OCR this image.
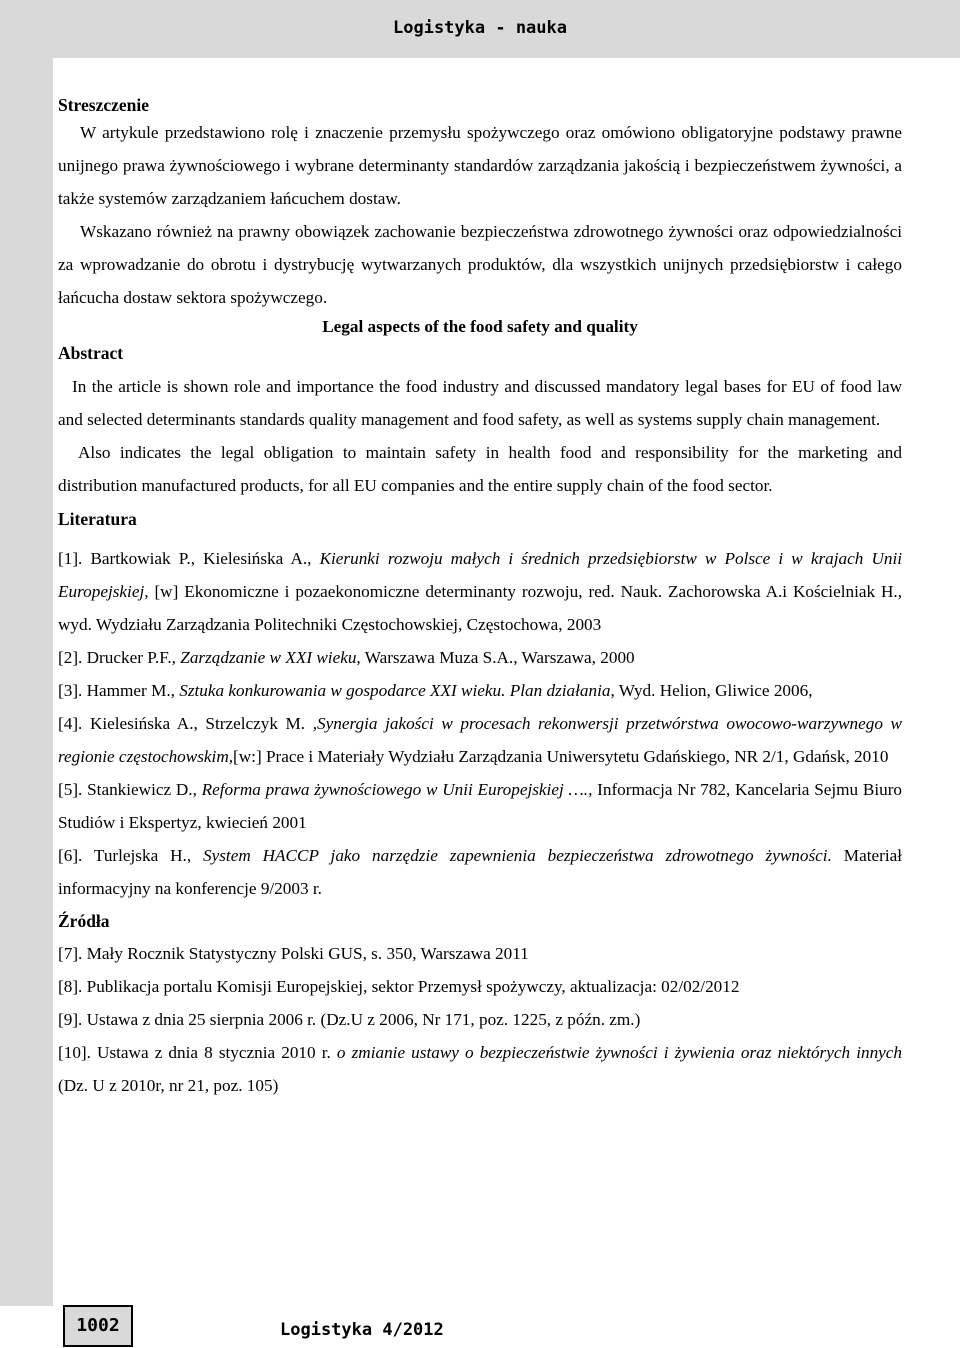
Logistyka - nauka

Streszczenie

W artykule przedstawiono rolę i znaczenie przemysłu spożywczego oraz omówiono obligatoryjne podstawy prawne unijnego prawa żywnościowego i wybrane determinanty standardów zarządzania jakością i bezpieczeństwem żywności, a także systemów zarządzaniem łańcuchem dostaw.

Wskazano również na prawny obowiązek zachowanie bezpieczeństwa zdrowotnego żywności oraz odpowiedzialności za wprowadzanie do obrotu i dystrybucję wytwarzanych produktów, dla wszystkich unijnych przedsiębiorstw i całego łańcucha dostaw sektora spożywczego.

Legal aspects of the food safety and quality

Abstract

In the article is shown role and importance the food industry and discussed mandatory legal bases for EU of food law and selected determinants standards quality management and food safety, as well as systems supply chain management.

Also indicates the legal obligation to maintain safety in health food and responsibility for the marketing and distribution manufactured products, for all EU companies and the entire supply chain of the food sector.

Literatura

[1]. Bartkowiak P., Kielesińska A., Kierunki rozwoju małych i średnich przedsiębiorstw w Polsce i w krajach Unii Europejskiej, [w] Ekonomiczne i pozaekonomiczne determinanty rozwoju, red. Nauk. Zachorowska A.i Kościelniak H., wyd. Wydziału Zarządzania Politechniki Częstochowskiej, Częstochowa, 2003
[2]. Drucker P.F., Zarządzanie w XXI wieku, Warszawa Muza S.A., Warszawa, 2000
[3]. Hammer M., Sztuka konkurowania w gospodarce XXI wieku. Plan działania, Wyd. Helion, Gliwice 2006,
[4]. Kielesińska A., Strzelczyk M. ,Synergia jakości w procesach rekonwersji przetwórstwa owocowo-warzywnego w regionie częstochowskim,[w:] Prace i Materiały Wydziału Zarządzania Uniwersytetu Gdańskiego, NR 2/1, Gdańsk, 2010
[5]. Stankiewicz D., Reforma prawa żywnościowego w Unii Europejskiej …., Informacja Nr 782, Kancelaria Sejmu Biuro Studiów i Ekspertyz, kwiecień 2001
[6]. Turlejska H., System HACCP jako narzędzie zapewnienia bezpieczeństwa zdrowotnego żywności. Materiał informacyjny na konferencje 9/2003 r.

Źródła

[7]. Mały Rocznik Statystyczny Polski GUS, s. 350, Warszawa 2011
[8]. Publikacja portalu Komisji Europejskiej, sektor Przemysł spożywczy, aktualizacja: 02/02/2012
[9]. Ustawa z dnia 25 sierpnia 2006 r. (Dz.U z 2006, Nr 171, poz. 1225, z późn. zm.)
[10]. Ustawa z dnia 8 stycznia 2010 r. o zmianie ustawy o bezpieczeństwie żywności i żywienia oraz niektórych innych (Dz. U z 2010r, nr 21, poz. 105)
1002	Logistyka 4/2012
